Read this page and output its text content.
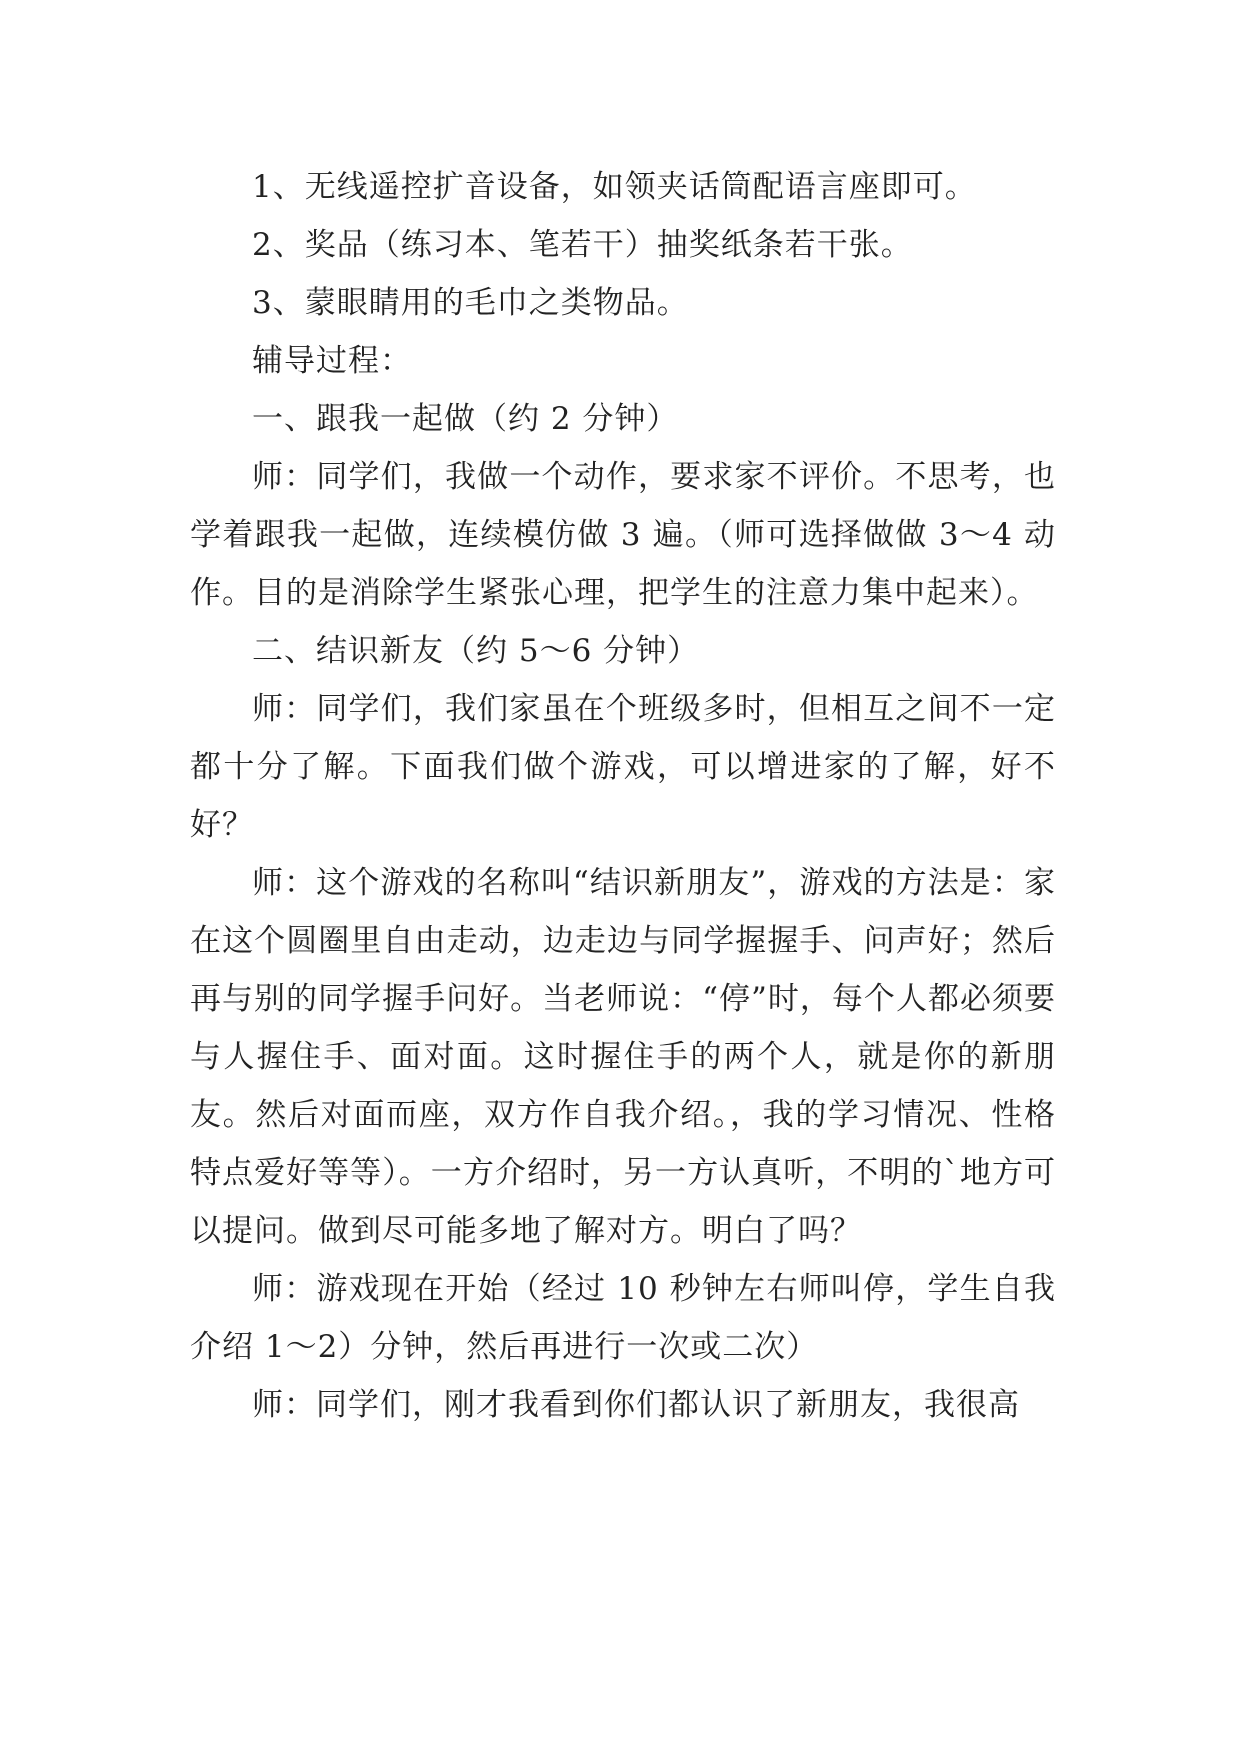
1、无线遥控扩音设备，如领夹话筒配语言座即可。

2、奖品（练习本、笔若干）抽奖纸条若干张。

3、蒙眼睛用的毛巾之类物品。

辅导过程：

一、跟我一起做（约 2 分钟）

师：同学们，我做一个动作，要求家不评价。不思考，也学着跟我一起做，连续模仿做 3 遍。（师可选择做做 3～4 动作。目的是消除学生紧张心理，把学生的注意力集中起来）。

二、结识新友（约 5～6 分钟）

师：同学们，我们家虽在个班级多时，但相互之间不一定都十分了解。下面我们做个游戏，可以增进家的了解，好不好？

师：这个游戏的名称叫“结识新朋友”，游戏的方法是：家在这个圆圈里自由走动，边走边与同学握握手、问声好；然后再与别的同学握手问好。当老师说：“停”时，每个人都必须要与人握住手、面对面。这时握住手的两个人，就是你的新朋友。然后对面而座，双方作自我介绍。，我的学习情况、性格特点爱好等等）。一方介绍时，另一方认真听，不明的`地方可以提问。做到尽可能多地了解对方。明白了吗？

师：游戏现在开始（经过 10 秒钟左右师叫停，学生自我介绍 1～2）分钟，然后再进行一次或二次）

师：同学们，刚才我看到你们都认识了新朋友，我很高
